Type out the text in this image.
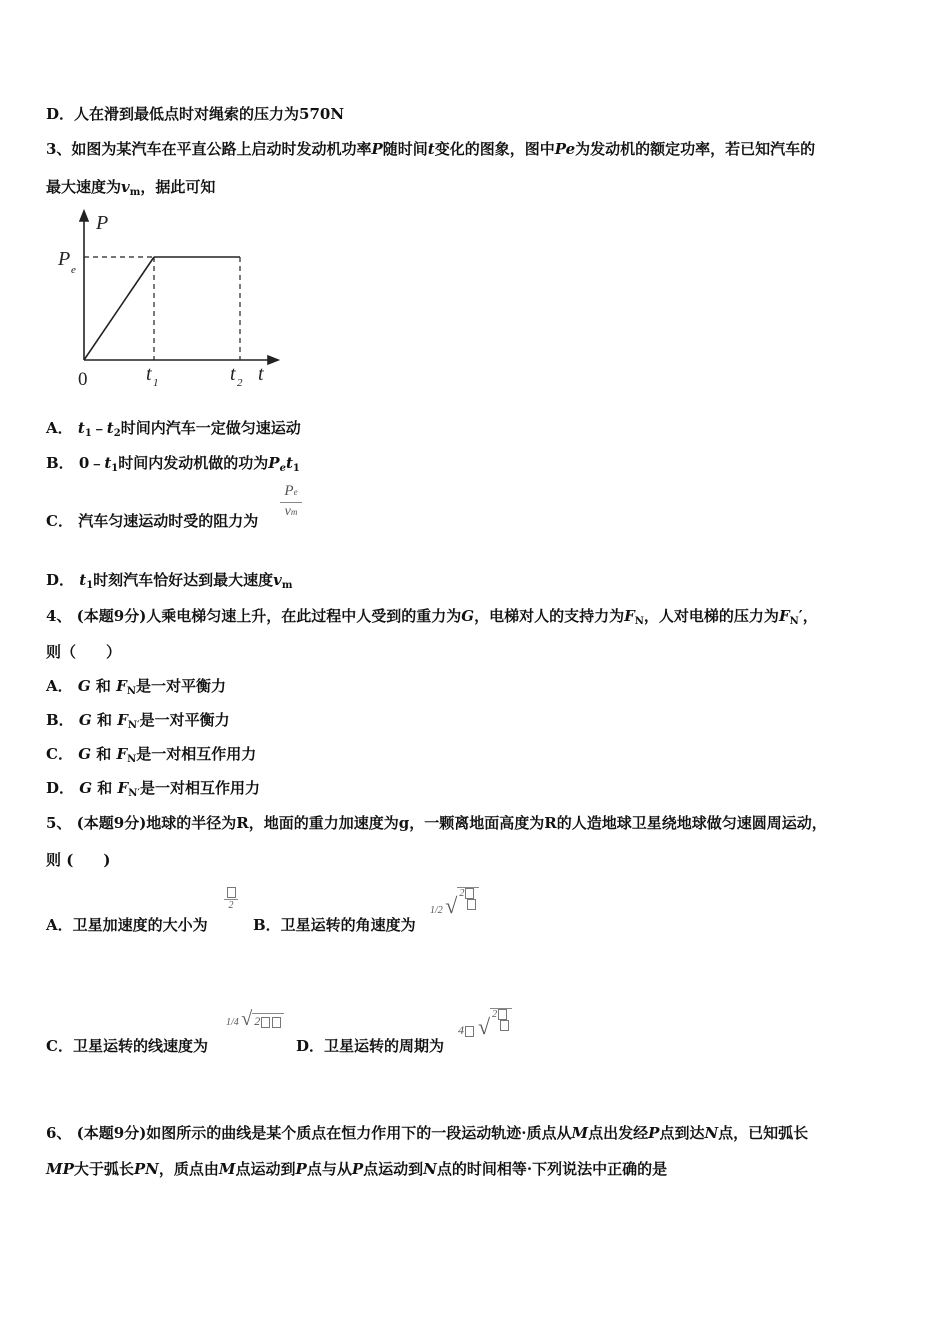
D．人在滑到最低点时对绳索的压力为570N
3、如图为某汽车在平直公路上启动时发动机功率P随时间t变化的图象，图中Pe为发动机的额定功率，若已知汽车的
最大速度为$v_m$，据此可知
P
P e
0	t 1	t 2 t
A． $t_1﹣t_2$时间内汽车一定做匀速运动
B． $0﹣t_1$时间内发动机做的功为$P_et_1$
C． 汽车匀速运动时受的阻力为
Pe
vm
D． $t_1$时刻汽车恰好达到最大速度$v_m$
4、 (本题9分)人乘电梯匀速上升，在此过程中人受到的重力为G，电梯对人的支持力为$F_N$，人对电梯的压力为$F_N'$，
则（　　）
A． G 和 $F_N$是一对平衡力
B． G 和 $F_{N'}$是一对平衡力
C． G 和 $F_N$是一对相互作用力
D． G 和 $F_{N'}$是一对相互作用力
5、 (本题9分)地球的半径为R，地面的重力加速度为g，一颗离地面高度为R的人造地球卫星绕地球做匀速圆周运动，
则 (　　)
A．卫星加速度的大小为
2
B．卫星运转的角速度为
1/2 √ 2

C．卫星运转的线速度为
1/4 √ 2
D．卫星运转的周期为
4 √ 2

6、 (本题9分)如图所示的曲线是某个质点在恒力作用下的一段运动轨迹·质点从M点出发经P点到达N点，已知弧长
MP大于弧长PN，质点由M点运动到P点与从P点运动到N点的时间相等·下列说法中正确的是
